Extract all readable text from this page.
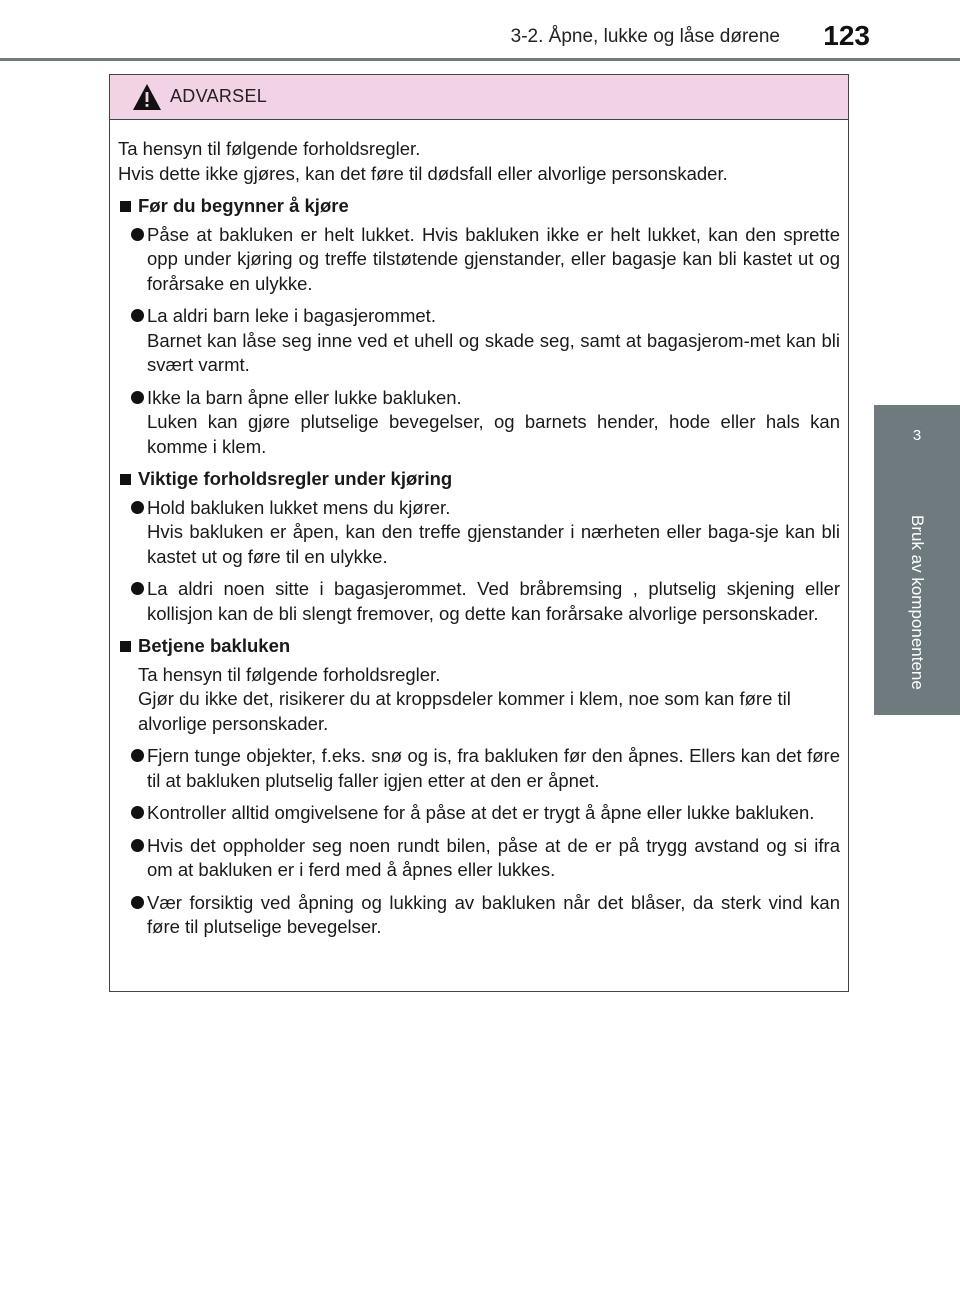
3-2. Åpne, lukke og låse dørene 123
3
Bruk av komponentene
ADVARSEL

Ta hensyn til følgende forholdsregler.

Hvis dette ikke gjøres, kan det føre til dødsfall eller alvorlige personskader.

Før du begynner å kjøre

Påse at bakluken er helt lukket. Hvis bakluken ikke er helt lukket, kan den sprette opp under kjøring og treffe tilstøtende gjenstander, eller bagasje kan bli kastet ut og forårsake en ulykke.

La aldri barn leke i bagasjerommet.

Barnet kan låse seg inne ved et uhell og skade seg, samt at bagasjerom-met kan bli svært varmt.

Ikke la barn åpne eller lukke bakluken.

Luken kan gjøre plutselige bevegelser, og barnets hender, hode eller hals kan komme i klem.

Viktige forholdsregler under kjøring

Hold bakluken lukket mens du kjører.

Hvis bakluken er åpen, kan den treffe gjenstander i nærheten eller baga-sje kan bli kastet ut og føre til en ulykke.

La aldri noen sitte i bagasjerommet. Ved bråbremsing , plutselig skjening eller kollisjon kan de bli slengt fremover, og dette kan forårsake alvorlige personskader.

Betjene bakluken

Ta hensyn til følgende forholdsregler.

Gjør du ikke det, risikerer du at kroppsdeler kommer i klem, noe som kan føre til alvorlige personskader.

Fjern tunge objekter, f.eks. snø og is, fra bakluken før den åpnes. Ellers kan det føre til at bakluken plutselig faller igjen etter at den er åpnet.

Kontroller alltid omgivelsene for å påse at det er trygt å åpne eller lukke bakluken.

Hvis det oppholder seg noen rundt bilen, påse at de er på trygg avstand og si ifra om at bakluken er i ferd med å åpnes eller lukkes.

Vær forsiktig ved åpning og lukking av bakluken når det blåser, da sterk vind kan føre til plutselige bevegelser.
